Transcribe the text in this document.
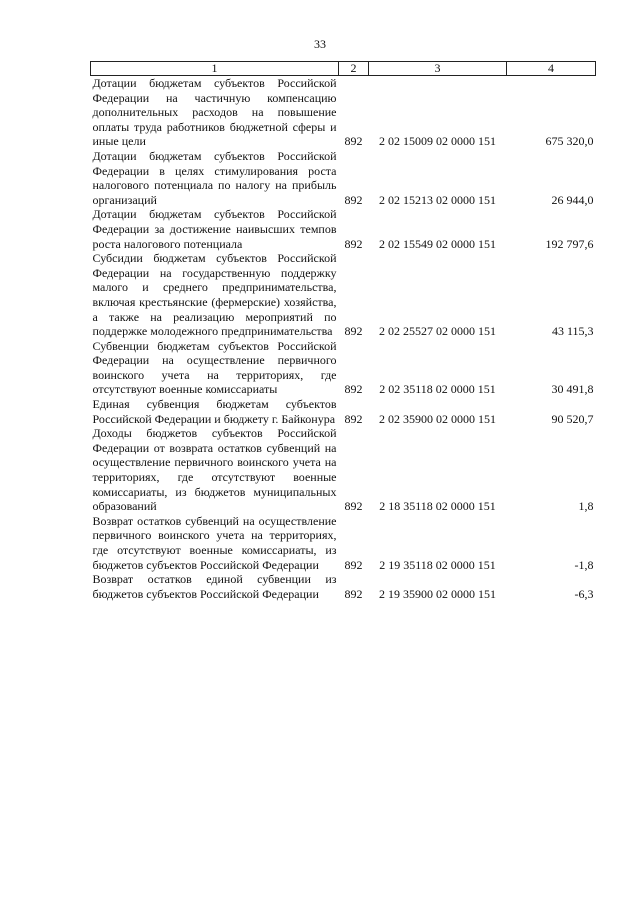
33
1	2	3	4
Дотации бюджетам субъектов Российской Федерации на частичную компенсацию дополнительных расходов на повышение оплаты труда работников бюджетной сферы и иные цели	892	2 02 15009 02 0000 151	675 320,0
Дотации бюджетам субъектов Российской Федерации в целях стимулирования роста налогового потенциала по налогу на прибыль организаций	892	2 02 15213 02 0000 151	26 944,0
Дотации бюджетам субъектов Российской Федерации за достижение наивысших темпов роста налогового потенциала	892	2 02 15549 02 0000 151	192 797,6
Субсидии бюджетам субъектов Российской Федерации на государственную поддержку малого и среднего предпринимательства, включая крестьянские (фермерские) хозяйства, а также на реализацию мероприятий по поддержке молодежного предпринимательства	892	2 02 25527 02 0000 151	43 115,3
Субвенции бюджетам субъектов Российской Федерации на осуществление первичного воинского учета на территориях, где отсутствуют военные комиссариаты	892	2 02 35118 02 0000 151	30 491,8
Единая субвенция бюджетам субъектов Российской Федерации и бюджету г. Байконура	892	2 02 35900 02 0000 151	90 520,7
Доходы бюджетов субъектов Российской Федерации от возврата остатков субвенций на осуществление первичного воинского учета на территориях, где отсутствуют военные комиссариаты, из бюджетов муниципальных образований	892	2 18 35118 02 0000 151	1,8
Возврат остатков субвенций на осуществление первичного воинского учета на территориях, где отсутствуют военные комиссариаты, из бюджетов субъектов Российской Федерации	892	2 19 35118 02 0000 151	-1,8
Возврат остатков единой субвенции из бюджетов субъектов Российской Федерации	892	2 19 35900 02 0000 151	-6,3
